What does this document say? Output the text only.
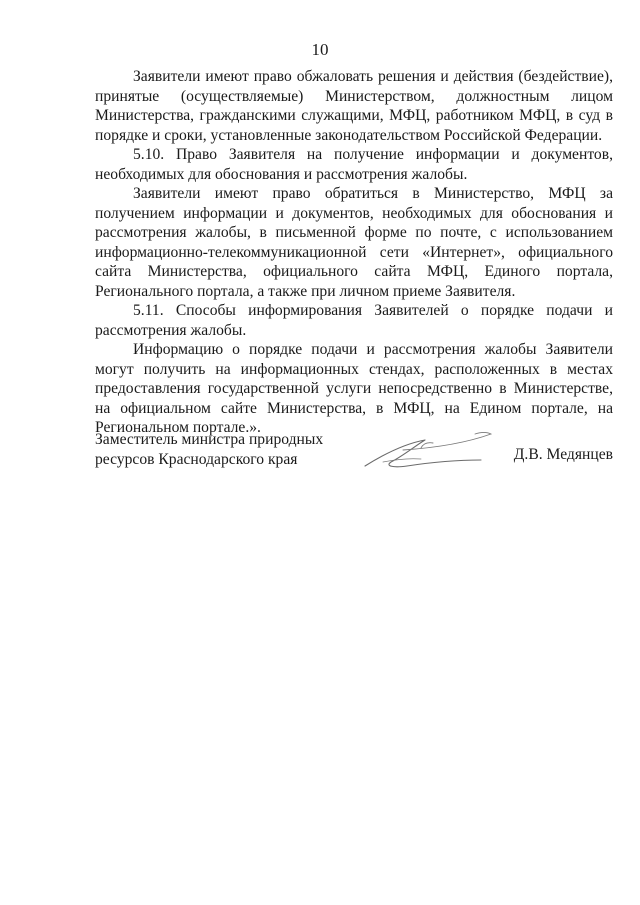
10

Заявители имеют право обжаловать решения и действия (бездействие), принятые (осуществляемые) Министерством, должностным лицом Министерства, гражданскими служащими, МФЦ, работником МФЦ, в суд в порядке и сроки, установленные законодательством Российской Федерации.

5.10. Право Заявителя на получение информации и документов, необходимых для обоснования и рассмотрения жалобы.

Заявители имеют право обратиться в Министерство, МФЦ за получением информации и документов, необходимых для обоснования и рассмотрения жалобы, в письменной форме по почте, с использованием информационно-телекоммуникационной сети «Интернет», официального сайта Министерства, официального сайта МФЦ, Единого портала, Регионального портала, а также при личном приеме Заявителя.

5.11. Способы информирования Заявителей о порядке подачи и рассмотрения жалобы.

Информацию о порядке подачи и рассмотрения жалобы Заявители могут получить на информационных стендах, расположенных в местах предоставления государственной услуги непосредственно в Министерстве, на официальном сайте Министерства, в МФЦ, на Едином портале, на Региональном портале.».

Заместитель министра природных
ресурсов Краснодарского края	Д.В. Медянцев
